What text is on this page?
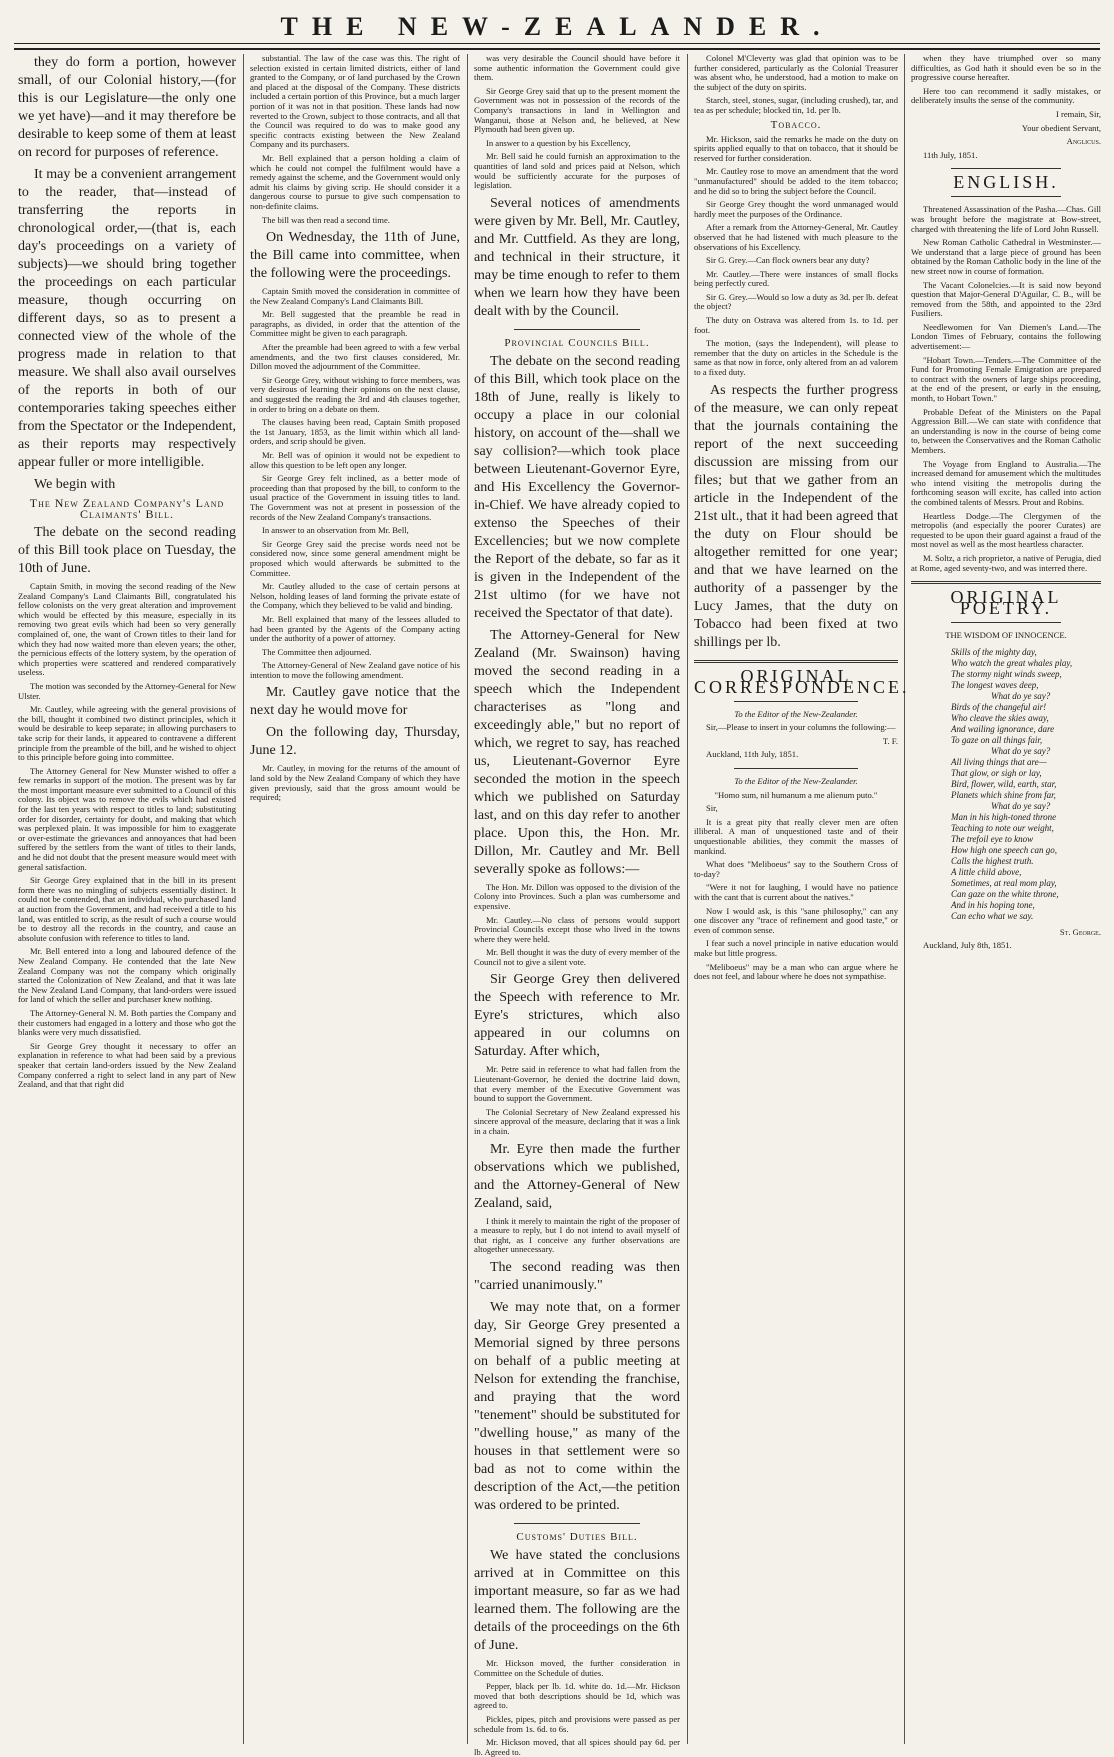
THE NEW-ZEALANDER.

they do form a portion, however small, of our Colonial history,—(for this is our Legislature—the only one we yet have)—and it may therefore be desirable to keep some of them at least on record for purposes of reference.

It may be a convenient arrangement to the reader, that—instead of transferring the reports in chronological order,—(that is, each day's proceedings on a variety of subjects)—we should bring together the proceedings on each particular measure, though occurring on different days, so as to present a connected view of the whole of the progress made in relation to that measure. We shall also avail ourselves of the reports in both of our contemporaries taking speeches either from the Spectator or the Independent, as their reports may respectively appear fuller or more intelligible.

We begin with

The New Zealand Company's Land Claimants' Bill.

The debate on the second reading of this Bill took place on Tuesday, the 10th of June.

Captain Smith, in moving the second reading of the New Zealand Company's Land Claimants Bill, congratulated his fellow colonists on the very great alteration and improvement which would be effected by this measure, especially in its removing two great evils which had been so very generally complained of, one, the want of Crown titles to their land for which they had now waited more than eleven years; the other, the pernicious effects of the lottery system, by the operation of which properties were scattered and rendered comparatively useless.

The motion was seconded by the Attorney-General for New Ulster.

Mr. Cautley, while agreeing with the general provisions of the bill, thought it combined two distinct principles, which it would be desirable to keep separate; in allowing purchasers to take scrip for their lands, it appeared to contravene a different principle from the preamble of the bill, and he wished to object to this principle before going into committee.

The Attorney General for New Munster wished to offer a few remarks in support of the motion. The present was by far the most important measure ever submitted to a Council of this colony. Its object was to remove the evils which had existed for the last ten years with respect to titles to land; substituting order for disorder, certainty for doubt, and making that which was perplexed plain. It was impossible for him to exaggerate or over-estimate the grievances and annoyances that had been suffered by the settlers from the want of titles to their lands, and he did not doubt that the present measure would meet with general satisfaction.

Sir George Grey explained that in the bill in its present form there was no mingling of subjects essentially distinct. It could not be contended, that an individual, who purchased land at auction from the Government, and had received a title to his land, was entitled to scrip, as the result of such a course would be to destroy all the records in the country, and cause an absolute confusion with reference to titles to land.

Mr. Bell entered into a long and laboured defence of the New Zealand Company. He contended that the late New Zealand Company was not the company which originally started the Colonization of New Zealand, and that it was late the New Zealand Land Company, that land-orders were issued for land of which the seller and purchaser knew nothing.

The Attorney-General N. M. Both parties the Company and their customers had engaged in a lottery and those who got the blanks were very much dissatisfied.

Sir George Grey thought it necessary to offer an explanation in reference to what had been said by a previous speaker that certain land-orders issued by the New Zealand Company conferred a right to select land in any part of New Zealand, and that that right did

substantial. The law of the case was this. The right of selection existed in certain limited districts, either of land granted to the Company, or of land purchased by the Crown and placed at the disposal of the Company. These districts included a certain portion of this Province, but a much larger portion of it was not in that position. These lands had now reverted to the Crown, subject to those contracts, and all that the Council was required to do was to make good any specific contracts existing between the New Zealand Company and its purchasers.

Mr. Bell explained that a person holding a claim of which he could not compel the fulfilment would have a remedy against the scheme, and the Government would only admit his claims by giving scrip. He should consider it a dangerous course to pursue to give such compensation to non-definite claims.

The bill was then read a second time.

On Wednesday, the 11th of June, the Bill came into committee, when the following were the proceedings.

Captain Smith moved the consideration in committee of the New Zealand Company's Land Claimants Bill.

Mr. Bell suggested that the preamble be read in paragraphs, as divided, in order that the attention of the Committee might be given to each paragraph.

After the preamble had been agreed to with a few verbal amendments, and the two first clauses considered, Mr. Dillon moved the adjournment of the Committee.

Sir George Grey, without wishing to force members, was very desirous of learning their opinions on the next clause, and suggested the reading the 3rd and 4th clauses together, in order to bring on a debate on them.

The clauses having been read, Captain Smith proposed the 1st January, 1853, as the limit within which all land-orders, and scrip should be given.

Mr. Bell was of opinion it would not be expedient to allow this question to be left open any longer.

Sir George Grey felt inclined, as a better mode of proceeding than that proposed by the bill, to conform to the usual practice of the Government in issuing titles to land. The Government was not at present in possession of the records of the New Zealand Company's transactions.

In answer to an observation from Mr. Bell,

Sir George Grey said the precise words need not be considered now, since some general amendment might be proposed which would afterwards be submitted to the Committee.

Mr. Cautley alluded to the case of certain persons at Nelson, holding leases of land forming the private estate of the Company, which they believed to be valid and binding.

Mr. Bell explained that many of the lessees alluded to had been granted by the Agents of the Company acting under the authority of a power of attorney.

The Committee then adjourned.

The Attorney-General of New Zealand gave notice of his intention to move the following amendment.

Mr. Cautley gave notice that the next day he would move for

On the following day, Thursday, June 12.

Mr. Cautley, in moving for the returns of the amount of land sold by the New Zealand Company of which they have given previously, said that the gross amount would be required;

was very desirable the Council should have before it some authentic information the Government could give them.

Sir George Grey said that up to the present moment the Government was not in possession of the records of the Company's transactions in land in Wellington and Wanganui, those at Nelson and, he believed, at New Plymouth had been given up.

In answer to a question by his Excellency,

Mr. Bell said he could furnish an approximation to the quantities of land sold and prices paid at Nelson, which would be sufficiently accurate for the purposes of legislation.

Several notices of amendments were given by Mr. Bell, Mr. Cautley, and Mr. Cuttfield. As they are long, and technical in their structure, it may be time enough to refer to them when we learn how they have been dealt with by the Council.

Provincial Councils Bill.

The debate on the second reading of this Bill, which took place on the 18th of June, really is likely to occupy a place in our colonial history, on account of the—shall we say collision?—which took place between Lieutenant-Governor Eyre, and His Excellency the Governor-in-Chief. We have already copied to extenso the Speeches of their Excellencies; but we now complete the Report of the debate, so far as it is given in the Independent of the 21st ultimo (for we have not received the Spectator of that date).

The Attorney-General for New Zealand (Mr. Swainson) having moved the second reading in a speech which the Independent characterises as "long and exceedingly able," but no report of which, we regret to say, has reached us, Lieutenant-Governor Eyre seconded the motion in the speech which we published on Saturday last, and on this day refer to another place. Upon this, the Hon. Mr. Dillon, Mr. Cautley and Mr. Bell severally spoke as follows:—

The Hon. Mr. Dillon was opposed to the division of the Colony into Provinces. Such a plan was cumbersome and expensive.

Mr. Cautley.—No class of persons would support Provincial Councils except those who lived in the towns where they were held.

Mr. Bell thought it was the duty of every member of the Council not to give a silent vote.

Sir George Grey then delivered the Speech with reference to Mr. Eyre's strictures, which also appeared in our columns on Saturday. After which,

Mr. Petre said in reference to what had fallen from the Lieutenant-Governor, he denied the doctrine laid down, that every member of the Executive Government was bound to support the Government.

The Colonial Secretary of New Zealand expressed his sincere approval of the measure, declaring that it was a link in a chain.

Mr. Eyre then made the further observations which we published, and the Attorney-General of New Zealand, said,

I think it merely to maintain the right of the proposer of a measure to reply, but I do not intend to avail myself of that right, as I conceive any further observations are altogether unnecessary.

The second reading was then "carried unanimously."

We may note that, on a former day, Sir George Grey presented a Memorial signed by three persons on behalf of a public meeting at Nelson for extending the franchise, and praying that the word "tenement" should be substituted for "dwelling house," as many of the houses in that settlement were so bad as not to come within the description of the Act,—the petition was ordered to be printed.

Customs' Duties Bill.

We have stated the conclusions arrived at in Committee on this important measure, so far as we had learned them. The following are the details of the proceedings on the 6th of June.

Mr. Hickson moved, the further consideration in Committee on the Schedule of duties.

Pepper, black per lb. 1d. white do. 1d.—Mr. Hickson moved that both descriptions should be 1d, which was agreed to.

Pickles, pipes, pitch and provisions were passed as per schedule from 1s. 6d. to 6s.

Mr. Hickson moved, that all spices should pay 6d. per lb. Agreed to.

Colonel M'Cleverty was glad that opinion was to be further considered, particularly as the Colonial Treasurer was absent who, he understood, had a motion to make on the subject of the duty on spirits.

Starch, steel, stones, sugar, (including crushed), tar, and tea as per schedule; blocked tin, 1d. per lb.

Tobacco.

Mr. Hickson, said the remarks he made on the duty on spirits applied equally to that on tobacco, that it should be reserved for further consideration.

Mr. Cautley rose to move an amendment that the word "unmanufactured" should be added to the item tobacco; and he did so to bring the subject before the Council.

Sir George Grey thought the word unmanaged would hardly meet the purposes of the Ordinance.

After a remark from the Attorney-General, Mr. Cautley observed that he had listened with much pleasure to the observations of his Excellency.

Sir G. Grey.—Can flock owners bear any duty?

Mr. Cautley.—There were instances of small flocks being perfectly cured.

Sir G. Grey.—Would so low a duty as 3d. per lb. defeat the object?

The duty on Ostrava was altered from 1s. to 1d. per foot.

The motion, (says the Independent), will please to remember that the duty on articles in the Schedule is the same as that now in force, only altered from an ad valorem to a fixed duty.

As respects the further progress of the measure, we can only repeat that the journals containing the report of the next succeeding discussion are missing from our files; but that we gather from an article in the Independent of the 21st ult., that it had been agreed that the duty on Flour should be altogether remitted for one year; and that we have learned on the authority of a passenger by the Lucy James, that the duty on Tobacco had been fixed at two shillings per lb.

ORIGINAL CORRESPONDENCE.

To the Editor of the New-Zealander.

Sir,—Please to insert in your columns the following:—

T. F.

Auckland, 11th July, 1851.

To the Editor of the New-Zealander.

"Homo sum, nil humanum a me alienum puto."

Sir,

It is a great pity that really clever men are often illiberal. A man of unquestioned taste and of their unquestionable abilities, they commit the masses of mankind.

What does "Meliboeus" say to the Southern Cross of to-day?

"Were it not for laughing, I would have no patience with the cant that is current about the natives."

Now I would ask, is this "sane philosophy," can any one discover any "trace of refinement and good taste," or even of common sense.

I fear such a novel principle in native education would make but little progress.

"Meliboeus" may be a man who can argue where he does not feel, and labour where he does not sympathise.

when they have triumphed over so many difficulties, as God hath it should even be so in the progressive course hereafter.

Here too can recommend it sadly mistakes, or deliberately insults the sense of the community.

I remain, Sir,

Your obedient Servant,

Anglicus.

11th July, 1851.

ENGLISH.

Threatened Assassination of the Pasha.—Chas. Gill was brought before the magistrate at Bow-street, charged with threatening the life of Lord John Russell.

New Roman Catholic Cathedral in Westminster.—We understand that a large piece of ground has been obtained by the Roman Catholic body in the line of the new street now in course of formation.

The Vacant Colonelcies.—It is said now beyond question that Major-General D'Aguilar, C. B., will be removed from the 58th, and appointed to the 23rd Fusiliers.

Needlewomen for Van Diemen's Land.—The London Times of February, contains the following advertisement:—

"Hobart Town.—Tenders.—The Committee of the Fund for Promoting Female Emigration are prepared to contract with the owners of large ships proceeding, at the end of the present, or early in the ensuing, month, to Hobart Town."

Probable Defeat of the Ministers on the Papal Aggression Bill.—We can state with confidence that an understanding is now in the course of being come to, between the Conservatives and the Roman Catholic Members.

The Voyage from England to Australia.—The increased demand for amusement which the multitudes who intend visiting the metropolis during the forthcoming season will excite, has called into action the combined talents of Messrs. Prout and Robins.

Heartless Dodge.—The Clergymen of the metropolis (and especially the poorer Curates) are requested to be upon their guard against a fraud of the most novel as well as the most heartless character.

M. Soltz, a rich proprietor, a native of Perugia, died at Rome, aged seventy-two, and was interred there.

ORIGINAL POETRY.

THE WISDOM OF INNOCENCE.

Skills of the mighty day,
Who watch the great whales play,
The stormy night winds sweep,
The longest waves deep,
What do ye say?
Birds of the changeful air!
Who cleave the skies away,
And wailing ignorance, dare
To gaze on all things fair,
What do ye say?
All living things that are—
That glow, or sigh or lay,
Bird, flower, wild, earth, star,
Planets which shine from far,
What do ye say?
Man in his high-toned throne
Teaching to note our weight,
The trefoil eye to know
How high one speech can go,
Calls the highest truth.
A little child above,
Sometimes, at real mom play,
Can gaze on the white throne,
And in his hoping tone,
Can echo what we say.

St. George.

Auckland, July 8th, 1851.
